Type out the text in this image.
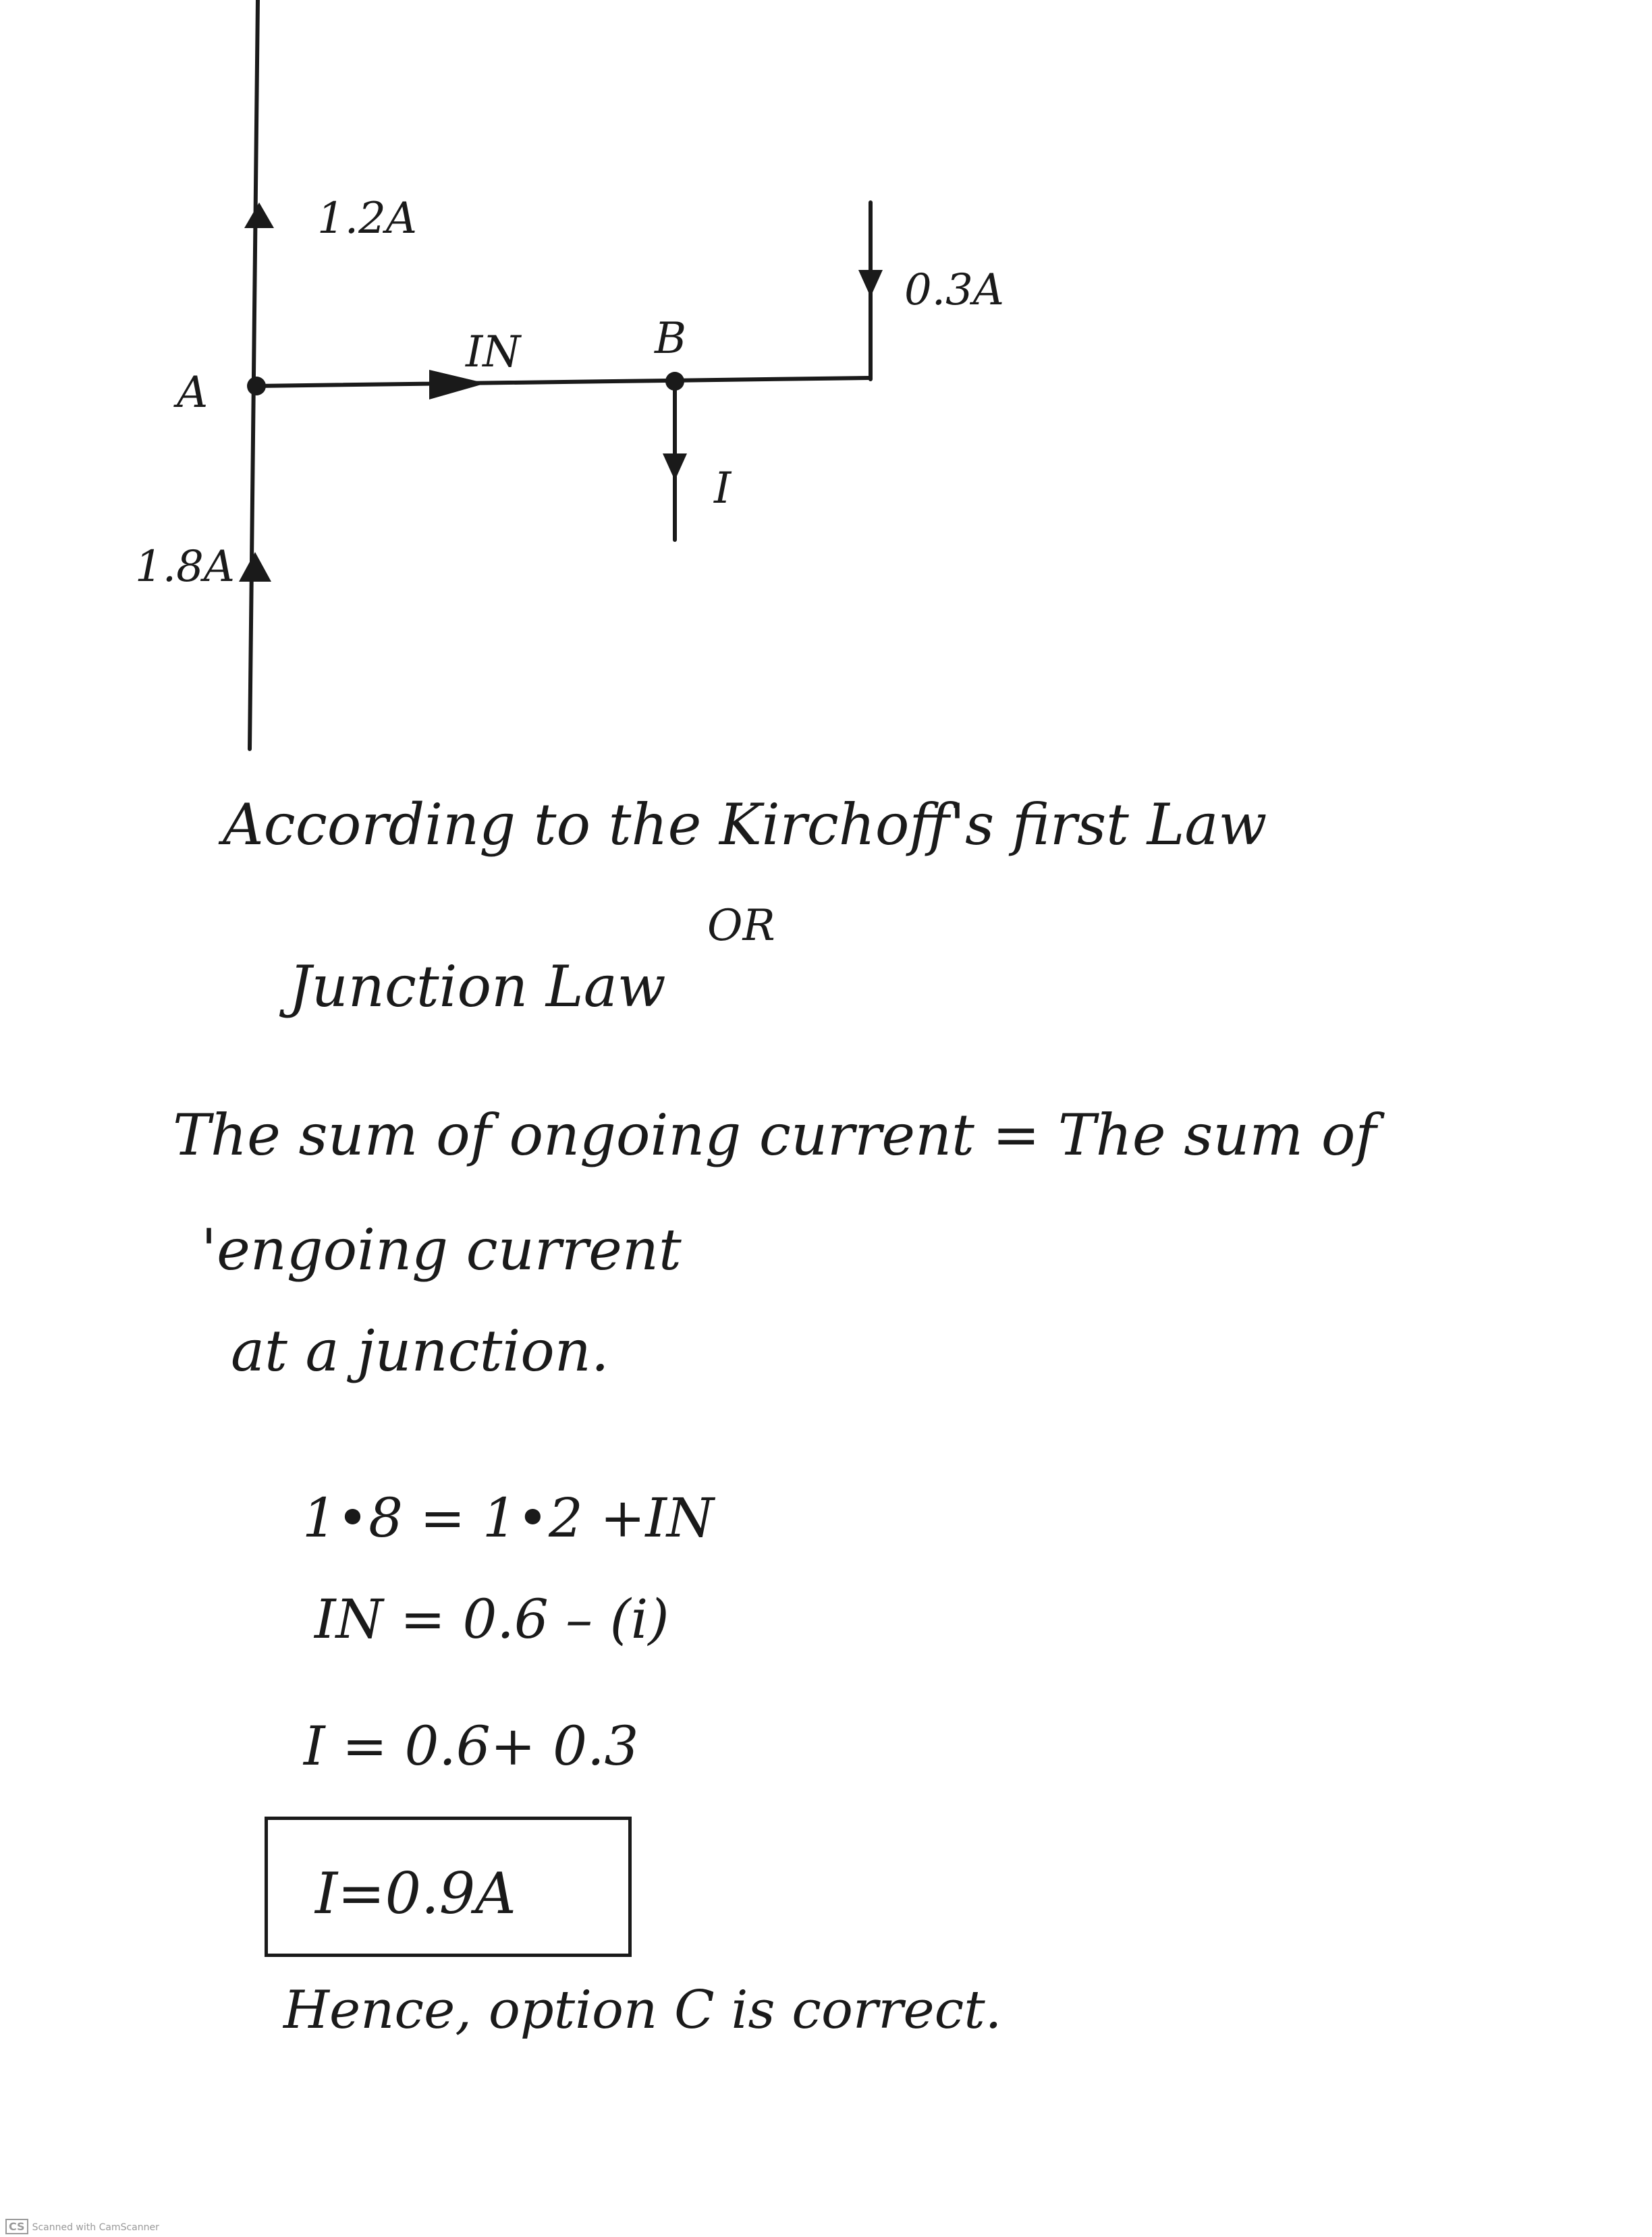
1.2A
0.3A
IN	B
A
I
1.8A
According to the Kirchoff's first Law
OR
Junction Law
The sum of ongoing current = The sum of
'engoing current
at a junction.
1•8 = 1•2 +IN
IN = 0.6 – (i)
I = 0.6+ 0.3
I=0.9A
Hence, option C is correct.
CS Scanned with CamScanner
